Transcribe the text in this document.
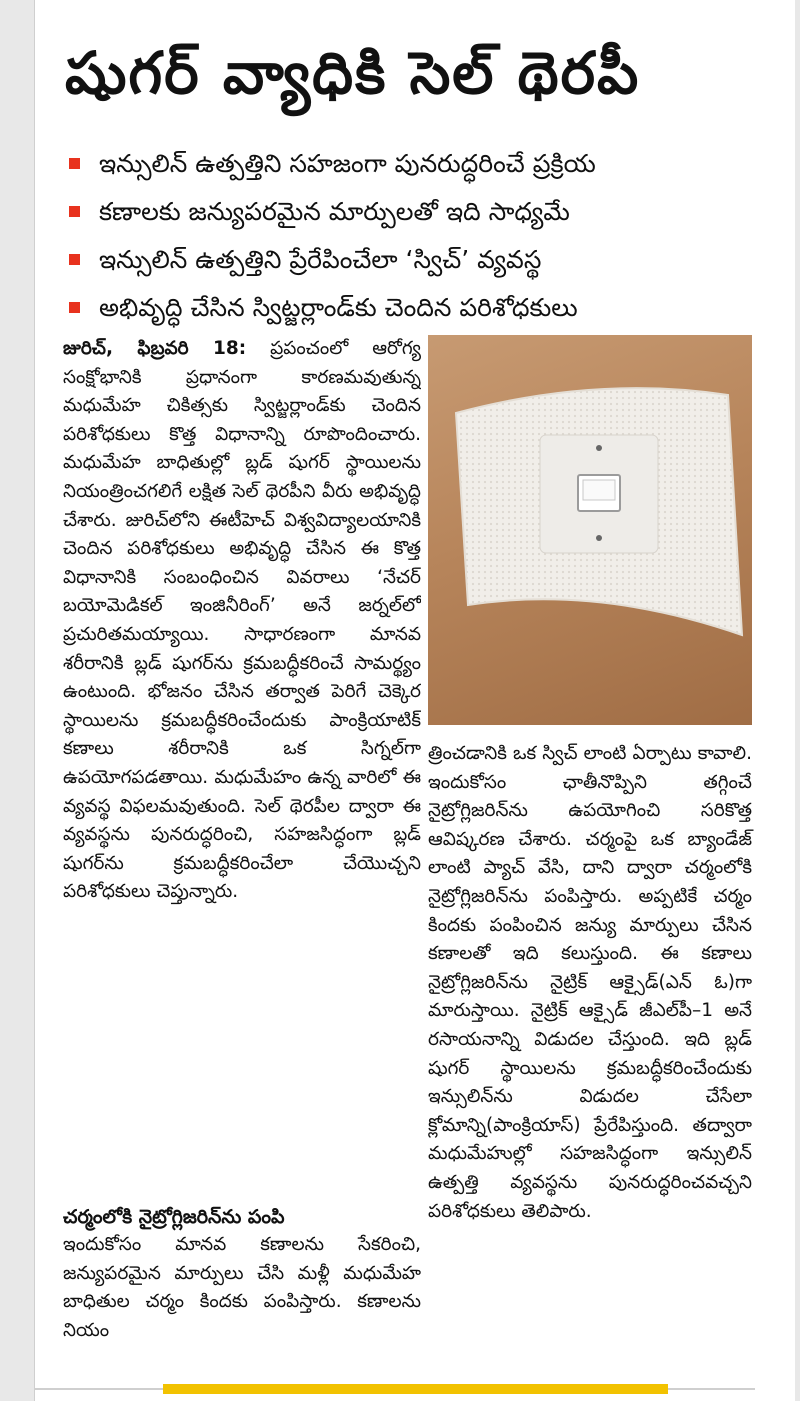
షుగర్ వ్యాధికి సెల్ థెరపీ
ఇన్సులిన్ ఉత్పత్తిని సహజంగా పునరుద్ధరించే ప్రక్రియ
కణాలకు జన్యుపరమైన మార్పులతో ఇది సాధ్యమే
ఇన్సులిన్ ఉత్పత్తిని ప్రేరేపించేలా ‘స్విచ్’ వ్యవస్థ
అభివృద్ధి చేసిన స్విట్జర్లాండ్‌కు చెందిన పరిశోధకులు

జురిచ్, ఫిబ్రవరి 18: ప్రపంచంలో ఆరోగ్య సంక్షోభానికి ప్రధానంగా కారణమవుతున్న మధుమేహ చికిత్సకు స్విట్జర్లాండ్‌కు చెందిన పరిశోధకులు కొత్త విధానాన్ని రూపొందించారు. మధుమేహ బాధితుల్లో బ్లడ్ షుగర్ స్థాయిలను నియంత్రించగలిగే లక్షిత సెల్ థెరపీని వీరు అభివృద్ధి చేశారు. జురిచ్‌లోని ఈటీహెచ్ విశ్వవిద్యాలయానికి చెందిన పరిశోధకులు అభివృద్ధి చేసిన ఈ కొత్త విధానానికి సంబంధించిన వివరాలు ‘నేచర్ బయోమెడికల్ ఇంజినీరింగ్’ అనే జర్నల్‌లో ప్రచురితమయ్యాయి. సాధారణంగా మానవ శరీరానికి బ్లడ్ షుగర్‌ను క్రమబద్ధీకరించే సామర్థ్యం ఉంటుంది. భోజనం చేసిన తర్వాత పెరిగే చెక్కెర స్థాయిలను క్రమబద్ధీకరించేందుకు పాంక్రియాటిక్ కణాలు శరీరానికి ఒక సిగ్నల్‌గా ఉపయోగపడతాయి. మధుమేహం ఉన్న వారిలో ఈ వ్యవస్థ విఫలమవుతుంది. సెల్ థెరపీల ద్వారా ఈ వ్యవస్థను పునరుద్ధరించి, సహజసిద్ధంగా బ్లడ్ షుగర్‌ను క్రమబద్ధీకరించేలా చేయొచ్చని పరిశోధకులు చెప్తున్నారు.

చర్మంలోకి నైట్రోగ్లిజరిన్‌ను పంపి

ఇందుకోసం మానవ కణాలను సేకరించి, జన్యుపరమైన మార్పులు చేసి మళ్లీ మధుమేహ బాధితుల చర్మం కిందకు పంపిస్తారు. కణాలను నియం

త్రించడానికి ఒక స్విచ్ లాంటి ఏర్పాటు కావాలి. ఇందుకోసం ఛాతీనొప్పిని తగ్గించే నైట్రోగ్లిజరిన్‌ను ఉపయోగించి సరికొత్త ఆవిష్కరణ చేశారు. చర్మంపై ఒక బ్యాండేజ్ లాంటి ప్యాచ్ వేసి, దాని ద్వారా చర్మంలోకి నైట్రోగ్లిజరిన్‌ను పంపిస్తారు. అప్పటికే చర్మం కిందకు పంపించిన జన్యు మార్పులు చేసిన కణాలతో ఇది కలుస్తుంది. ఈ కణాలు నైట్రోగ్లిజరిన్‌ను నైట్రిక్ ఆక్సైడ్(ఎన్ ఓ)గా మారుస్తాయి. నైట్రిక్ ఆక్సైడ్ జీఎల్‌పీ–1 అనే రసాయనాన్ని విడుదల చేస్తుంది. ఇది బ్లడ్ షుగర్ స్థాయిలను క్రమబద్ధీకరించేందుకు ఇన్సులిన్‌ను విడుదల చేసేలా క్లోమాన్ని(పాంక్రియాస్) ప్రేరేపిస్తుంది. తద్వారా మధుమేహుల్లో సహజసిద్ధంగా ఇన్సులిన్ ఉత్పత్తి వ్యవస్థను పునరుద్ధరించవచ్చని పరిశోధకులు తెలిపారు.
